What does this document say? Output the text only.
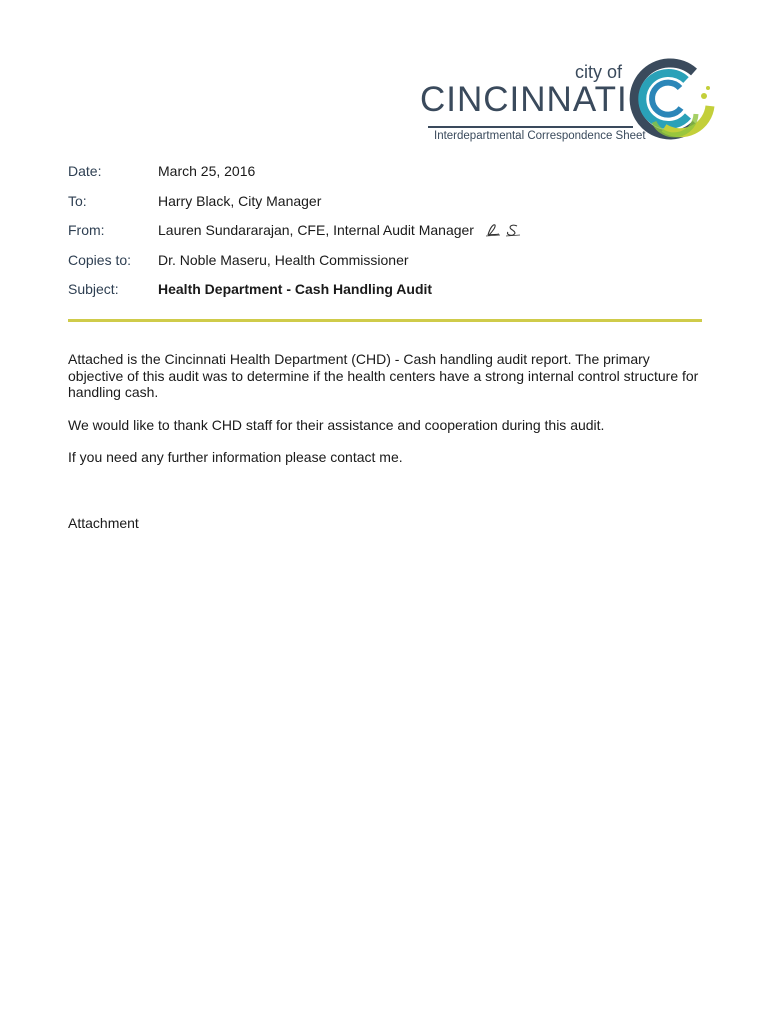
city of
CINCINNATI
Interdepartmental Correspondence Sheet
Date:	March 25, 2016
To:	Harry Black, City Manager
From:	Lauren Sundararajan, CFE, Internal Audit Manager
Copies to: Dr. Noble Maseru, Health Commissioner
Subject:	Health Department - Cash Handling Audit

Attached is the Cincinnati Health Department (CHD) - Cash handling audit report. The primary objective of this audit was to determine if the health centers have a strong internal control structure for handling cash.

We would like to thank CHD staff for their assistance and cooperation during this audit.

If you need any further information please contact me.

Attachment
